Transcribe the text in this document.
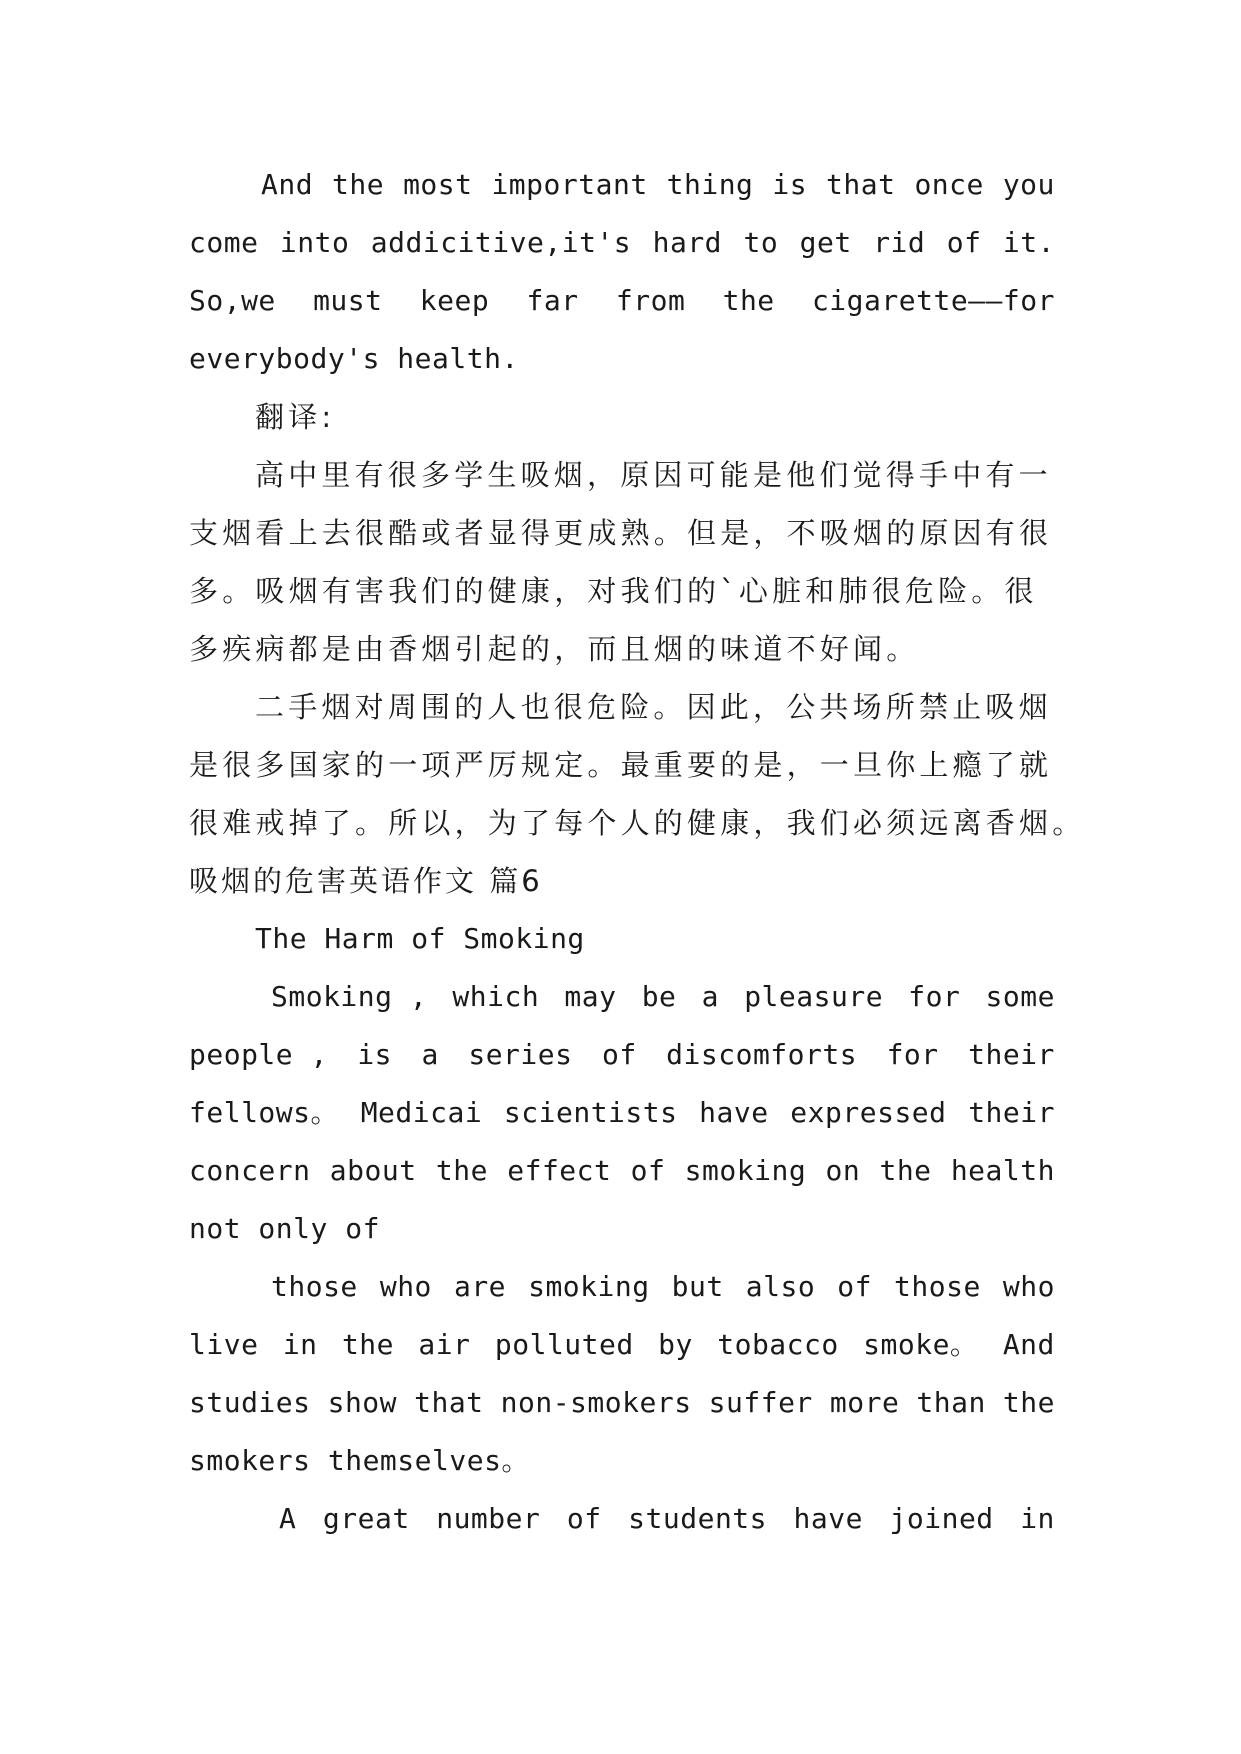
And the most important thing is that once you
come into addicitive,it's hard to get rid of it.
So,we must keep far from the cigarette——for
everybody's health.
翻译:
高中里有很多学生吸烟，原因可能是他们觉得手中有一
支烟看上去很酷或者显得更成熟。但是，不吸烟的原因有很
多。吸烟有害我们的健康，对我们的`心脏和肺很危险。很
多疾病都是由香烟引起的，而且烟的味道不好闻。
二手烟对周围的人也很危险。因此，公共场所禁止吸烟
是很多国家的一项严厉规定。最重要的是，一旦你上瘾了就
很难戒掉了。所以，为了每个人的健康，我们必须远离香烟。
吸烟的危害英语作文 篇6
The Harm of Smoking
Smoking , which may be a pleasure for some
people , is a series of discomforts for their
fellows。 Medicai scientists have expressed their
concern about the effect of smoking on the health
not only of
those who are smoking but also of those who
live in the air polluted by tobacco smoke。 And
studies show that non-smokers suffer more than the
smokers themselves。
A great number of students have joined in
